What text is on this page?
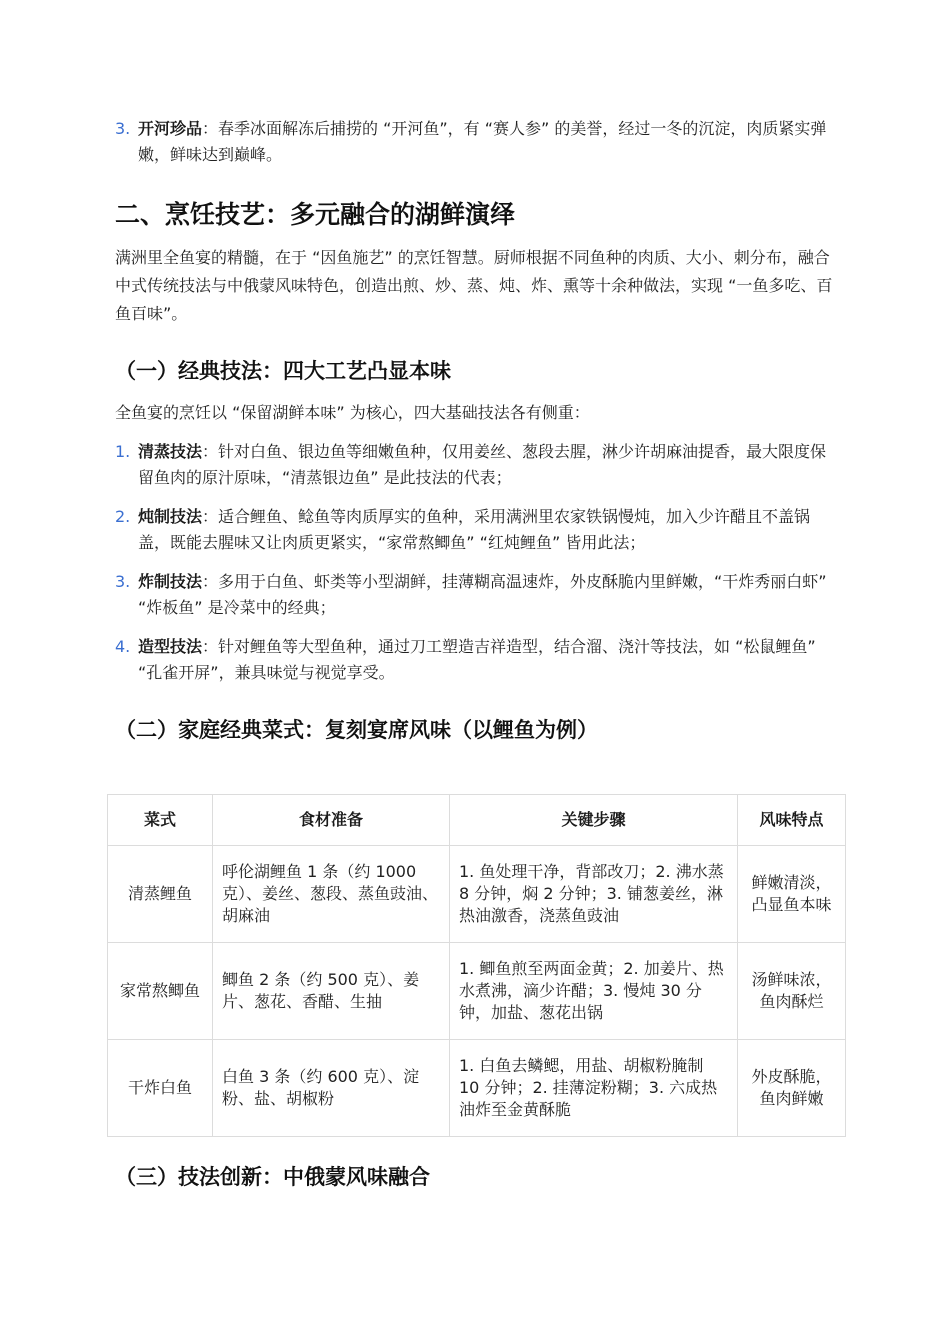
3. 开河珍品：春季冰面解冻后捕捞的 “开河鱼”，有 “赛人参” 的美誉，经过一冬的沉淀，肉质紧实弹嫩，鲜味达到巅峰。
二、烹饪技艺：多元融合的湖鲜演绎

满洲里全鱼宴的精髓，在于 “因鱼施艺” 的烹饪智慧。厨师根据不同鱼种的肉质、大小、刺分布，融合中式传统技法与中俄蒙风味特色，创造出煎、炒、蒸、炖、炸、熏等十余种做法，实现 “一鱼多吃、百鱼百味”。

（一）经典技法：四大工艺凸显本味

全鱼宴的烹饪以 “保留湖鲜本味” 为核心，四大基础技法各有侧重：

1. 清蒸技法：针对白鱼、银边鱼等细嫩鱼种，仅用姜丝、葱段去腥，淋少许胡麻油提香，最大限度保留鱼肉的原汁原味，“清蒸银边鱼” 是此技法的代表；
2. 炖制技法：适合鲤鱼、鲶鱼等肉质厚实的鱼种，采用满洲里农家铁锅慢炖，加入少许醋且不盖锅盖，既能去腥味又让肉质更紧实，“家常熬鲫鱼” “红炖鲤鱼” 皆用此法；
3. 炸制技法：多用于白鱼、虾类等小型湖鲜，挂薄糊高温速炸，外皮酥脆内里鲜嫩，“干炸秀丽白虾” “炸板鱼” 是冷菜中的经典；
4. 造型技法：针对鲤鱼等大型鱼种，通过刀工塑造吉祥造型，结合溜、浇汁等技法，如 “松鼠鲤鱼” “孔雀开屏”，兼具味觉与视觉享受。
（二）家庭经典菜式：复刻宴席风味（以鲤鱼为例）
菜式	食材准备	关键步骤	风味特点
清蒸鲤鱼	呼伦湖鲤鱼 1 条（约 1000 克）、姜丝、葱段、蒸鱼豉油、胡麻油	1. 鱼处理干净，背部改刀；2. 沸水蒸 8 分钟，焖 2 分钟；3. 铺葱姜丝，淋热油激香，浇蒸鱼豉油	鲜嫩清淡，凸显鱼本味
家常熬鲫鱼	鲫鱼 2 条（约 500 克）、姜片、葱花、香醋、生抽	1. 鲫鱼煎至两面金黄；2. 加姜片、热水煮沸，滴少许醋；3. 慢炖 30 分钟，加盐、葱花出锅	汤鲜味浓，鱼肉酥烂
干炸白鱼	白鱼 3 条（约 600 克）、淀粉、盐、胡椒粉	1. 白鱼去鳞鳃，用盐、胡椒粉腌制 10 分钟；2. 挂薄淀粉糊；3. 六成热油炸至金黄酥脆	外皮酥脆，鱼肉鲜嫩
（三）技法创新：中俄蒙风味融合
